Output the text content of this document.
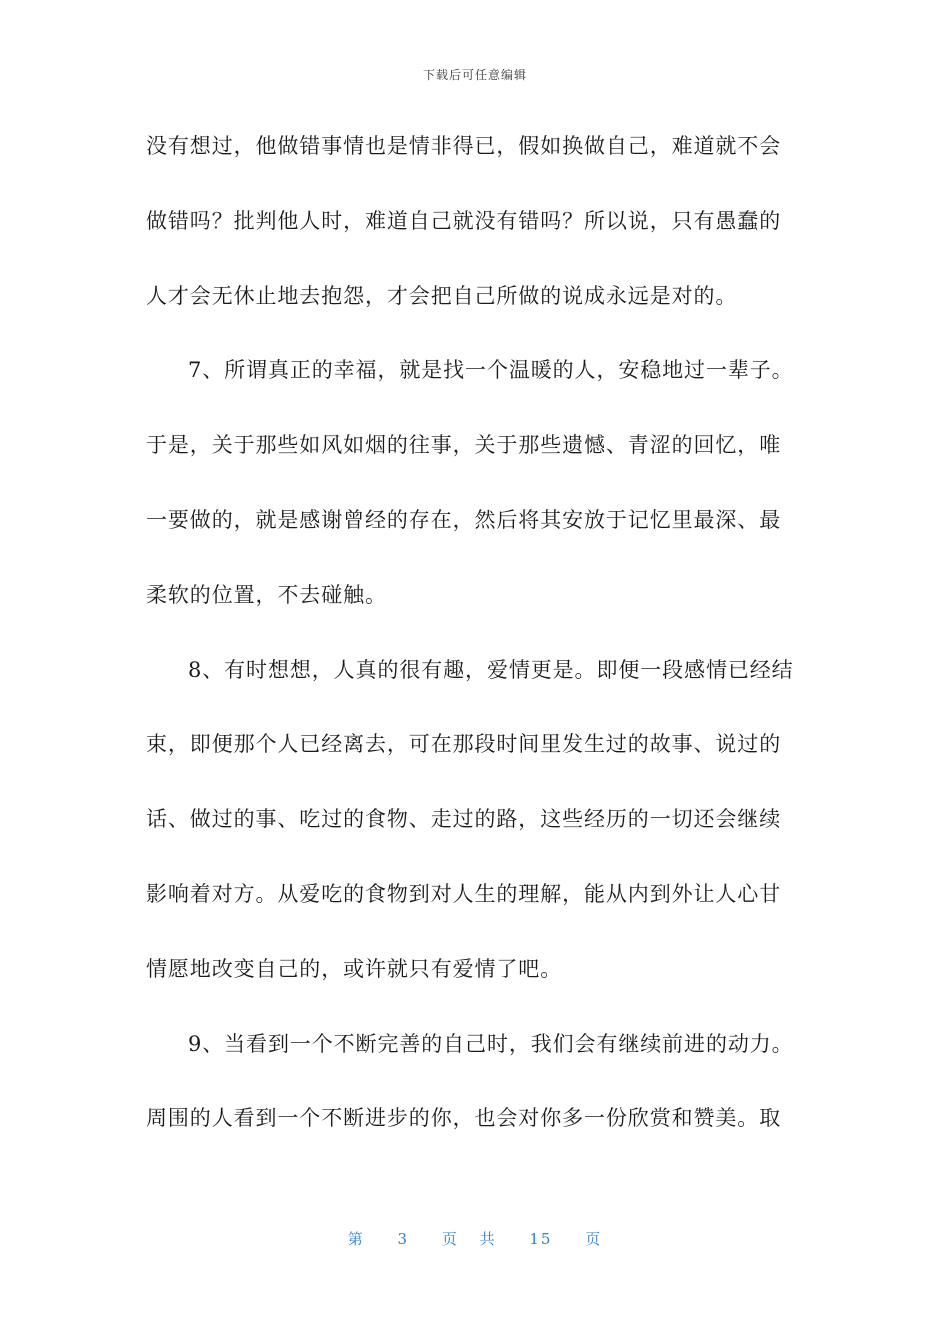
下载后可任意编辑
没有想过，他做错事情也是情非得已，假如换做自己，难道就不会
做错吗？批判他人时，难道自己就没有错吗？所以说，只有愚蠢的
人才会无休止地去抱怨，才会把自己所做的说成永远是对的。
7、所谓真正的幸福，就是找一个温暖的人，安稳地过一辈子。
于是，关于那些如风如烟的往事，关于那些遗憾、青涩的回忆，唯
一要做的，就是感谢曾经的存在，然后将其安放于记忆里最深、最
柔软的位置，不去碰触。
8、有时想想，人真的很有趣，爱情更是。即便一段感情已经结
束，即便那个人已经离去，可在那段时间里发生过的故事、说过的
话、做过的事、吃过的食物、走过的路，这些经历的一切还会继续
影响着对方。从爱吃的食物到对人生的理解，能从内到外让人心甘
情愿地改变自己的，或许就只有爱情了吧。
9、当看到一个不断完善的自己时，我们会有继续前进的动力。
周围的人看到一个不断进步的你，也会对你多一份欣赏和赞美。取
第 3 页 共 15 页
